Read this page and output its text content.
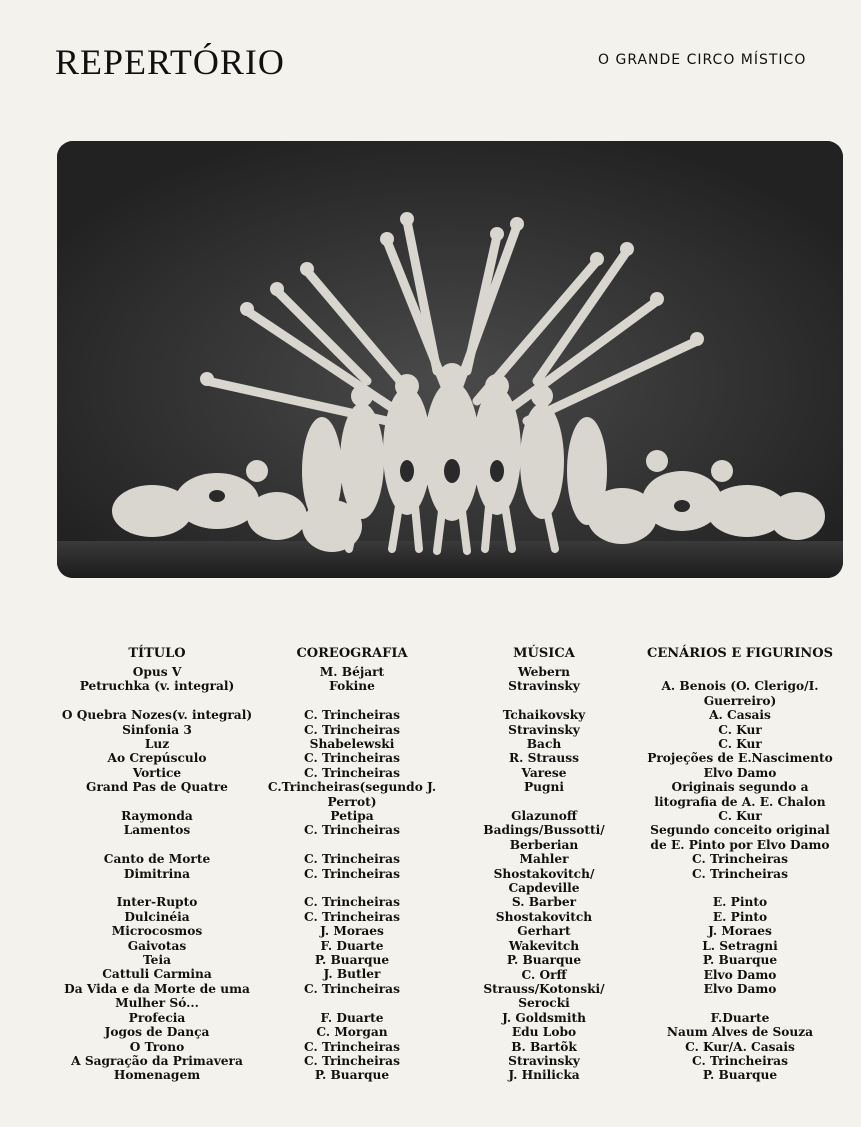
REPERTÓRIO	O GRANDE CIRCO MÍSTICO
TÍTULO
Opus V
Petruchka (v. integral)
O Quebra Nozes(v. integral)
Sinfonia 3
Luz
Ao Crepúsculo
Vortice
Grand Pas de Quatre
Raymonda
Lamentos
Canto de Morte
Dimitrina
Inter-Rupto
Dulcinéia
Microcosmos
Gaivotas
Teia
Cattuli Carmina
Da Vida e da Morte de uma
Mulher Só...
Profecia
Jogos de Dança
O Trono
A Sagração da Primavera
Homenagem
COREOGRAFIA
M. Béjart
Fokine
C. Trincheiras
C. Trincheiras
Shabelewski
C. Trincheiras
C. Trincheiras
C.Trincheiras(segundo J.
Perrot)
Petipa
C. Trincheiras
C. Trincheiras
C. Trincheiras
C. Trincheiras
C. Trincheiras
J. Moraes
F. Duarte
P. Buarque
J. Butler
C. Trincheiras
F. Duarte
C. Morgan
C. Trincheiras
C. Trincheiras
P. Buarque
MÚSICA
Webern
Stravinsky
Tchaikovsky
Stravinsky
Bach
R. Strauss
Varese
Pugni
Glazunoff
Badings/Bussotti/
Berberian
Mahler
Shostakovitch/
Capdeville
S. Barber
Shostakovitch
Gerhart
Wakevitch
P. Buarque
C. Orff
Strauss/Kotonski/
Serocki
J. Goldsmith
Edu Lobo
B. Bartõk
Stravinsky
J. Hnilicka
CENÁRIOS E FIGURINOS
A. Benois (O. Clerigo/I.
Guerreiro)
A. Casais
C. Kur
C. Kur
Projeções de E.Nascimento
Elvo Damo
Originais segundo a
litografia de A. E. Chalon
C. Kur
Segundo conceito original
de E. Pinto por Elvo Damo
C. Trincheiras
C. Trincheiras
E. Pinto
E. Pinto
J. Moraes
L. Setragni
P. Buarque
Elvo Damo
Elvo Damo
F.Duarte
Naum Alves de Souza
C. Kur/A. Casais
C. Trincheiras
P. Buarque
